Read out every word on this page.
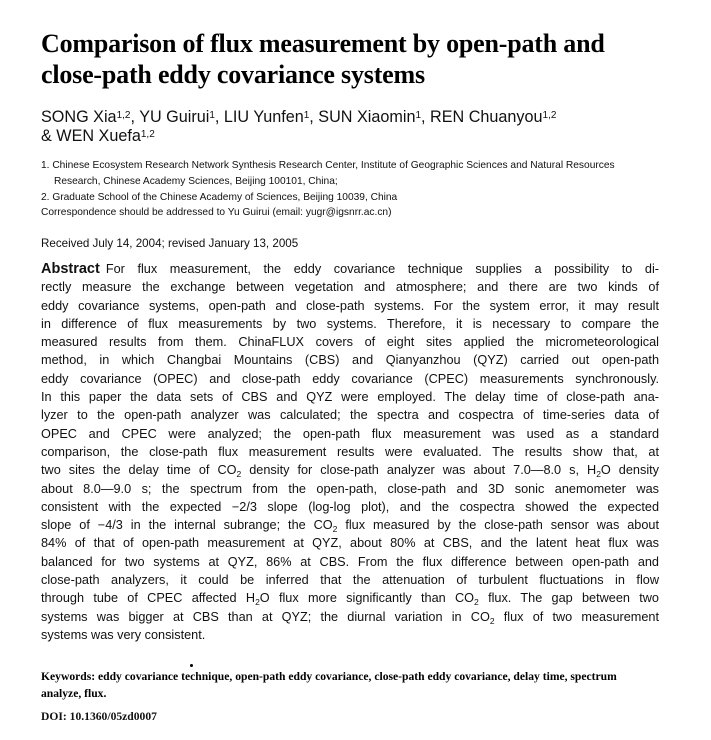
Comparison of flux measurement by open-path and
close-path eddy covariance systems
SONG Xia$^{1,2}$, YU Guirui$^1$, LIU Yunfen$^1$, SUN Xiaomin$^1$, REN Chuanyou$^{1,2}$
& WEN Xuefa$^{1,2}$
1. Chinese Ecosystem Research Network Synthesis Research Center, Institute of Geographic Sciences and Natural Resources
Research, Chinese Academy Sciences, Beijing 100101, China;
2. Graduate School of the Chinese Academy of Sciences, Beijing 10039, China
Correspondence should be addressed to Yu Guirui (email: yugr@igsnrr.ac.cn)
Received July 14, 2004; revised January 13, 2005
Abstract For flux measurement, the eddy covariance technique supplies a possibility to di-
rectly measure the exchange between vegetation and atmosphere; and there are two kinds of
eddy covariance systems, open-path and close-path systems. For the system error, it may result
in difference of flux measurements by two systems. Therefore, it is necessary to compare the
measured results from them. ChinaFLUX covers of eight sites applied the micrometeorological
method, in which Changbai Mountains (CBS) and Qianyanzhou (QYZ) carried out open-path
eddy covariance (OPEC) and close-path eddy covariance (CPEC) measurements synchronously.
In this paper the data sets of CBS and QYZ were employed. The delay time of close-path ana-
lyzer to the open-path analyzer was calculated; the spectra and cospectra of time-series data of
OPEC and CPEC were analyzed; the open-path flux measurement was used as a standard
comparison, the close-path flux measurement results were evaluated. The results show that, at
two sites the delay time of $CO_2$ density for close-path analyzer was about 7.0—8.0 s, $H_2O$ density
about 8.0—9.0 s; the spectrum from the open-path, close-path and 3D sonic anemometer was
consistent with the expected −2/3 slope (log-log plot), and the cospectra showed the expected
slope of −4/3 in the internal subrange; the $CO_2$ flux measured by the close-path sensor was about
84% of that of open-path measurement at QYZ, about 80% at CBS, and the latent heat flux was
balanced for two systems at QYZ, 86% at CBS. From the flux difference between open-path and
close-path analyzers, it could be inferred that the attenuation of turbulent fluctuations in flow
through tube of CPEC affected $H_2O$ flux more significantly than $CO_2$ flux. The gap between two
systems was bigger at CBS than at QYZ; the diurnal variation in $CO_2$ flux of two measurement
systems was very consistent.
Keywords: eddy covariance technique, open-path eddy covariance, close-path eddy covariance, delay time, spectrum
analyze, flux.
DOI: 10.1360/05zd0007
